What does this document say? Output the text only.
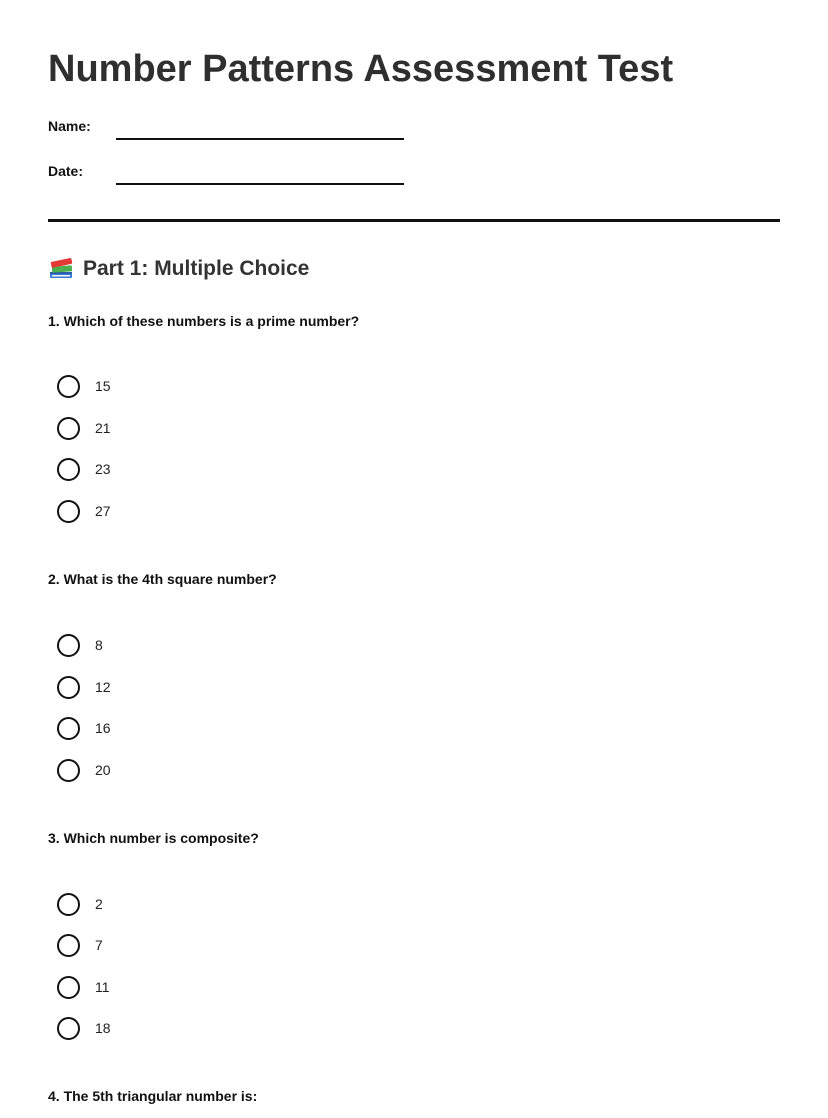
Number Patterns Assessment Test
Name:
Date:
Part 1: Multiple Choice
1. Which of these numbers is a prime number?
15
21
23
27
2. What is the 4th square number?
8
12
16
20
3. Which number is composite?
2
7
11
18
4. The 5th triangular number is:
